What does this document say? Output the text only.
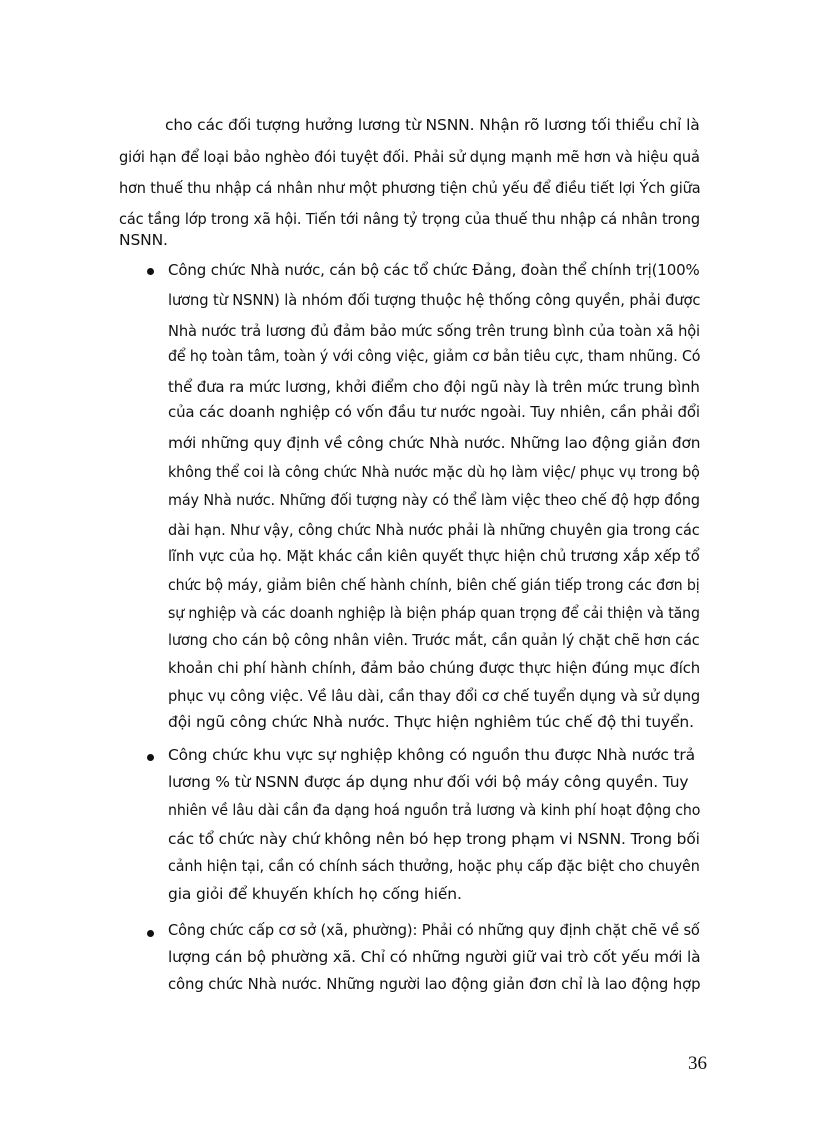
cho các đối tượng hưởng lương từ NSNN. Nhận rõ lương tối thiểu chỉ là
giới hạn để loại bảo nghèo đói tuyệt đối. Phải sử dụng mạnh mẽ hơn và hiệu quả
hơn thuế thu nhập cá nhân như một phương tiện chủ yếu để điều tiết lợi Ých giữa
các tầng lớp trong xã hội. Tiến tới nâng tỷ trọng của thuế thu nhập cá nhân trong
NSNN.
Công chức Nhà nước, cán bộ các tổ chức Đảng, đoàn thể chính trị(100%
lương từ NSNN) là nhóm đối tượng thuộc hệ thống công quyền, phải được
Nhà nước trả lương đủ đảm bảo mức sống trên trung bình của toàn xã hội
để họ toàn tâm, toàn ý với công việc, giảm cơ bản tiêu cực, tham nhũng. Có
thể đưa ra mức lương, khởi điểm cho đội ngũ này là trên mức trung bình
của các doanh nghiệp có vốn đầu tư nước ngoài. Tuy nhiên, cần phải đổi
mới những quy định về công chức Nhà nước. Những lao động giản đơn
không thể coi là công chức Nhà nước mặc dù họ làm việc/ phục vụ trong bộ
máy Nhà nước. Những đối tượng này có thể làm việc theo chế độ hợp đồng
dài hạn. Như vậy, công chức Nhà nước phải là những chuyên gia trong các
lĩnh vực của họ. Mặt khác cần kiên quyết thực hiện chủ trương xắp xếp tổ
chức bộ máy, giảm biên chế hành chính, biên chế gián tiếp trong các đơn bị
sự nghiệp và các doanh nghiệp là biện pháp quan trọng để cải thiện và tăng
lương cho cán bộ công nhân viên. Trước mắt, cần quản lý chặt chẽ hơn các
khoản chi phí hành chính, đảm bảo chúng được thực hiện đúng mục đích
phục vụ công việc. Về lâu dài, cần thay đổi cơ chế tuyển dụng và sử dụng
đội ngũ công chức Nhà nước. Thực hiện nghiêm túc chế độ thi tuyển.
Công chức khu vực sự nghiệp không có nguồn thu được Nhà nước trả
lương % từ NSNN được áp dụng như đối với bộ máy công quyền. Tuy
nhiên về lâu dài cần đa dạng hoá nguồn trả lương và kinh phí hoạt động cho
các tổ chức này chứ không nên bó hẹp trong phạm vi NSNN. Trong bối
cảnh hiện tại, cần có chính sách thưởng, hoặc phụ cấp đặc biệt cho chuyên
gia giỏi để khuyến khích họ cống hiến.
Công chức cấp cơ sở (xã, phường): Phải có những quy định chặt chẽ về số
lượng cán bộ phường xã. Chỉ có những người giữ vai trò cốt yếu mới là
công chức Nhà nước. Những người lao động giản đơn chỉ là lao động hợp
36
